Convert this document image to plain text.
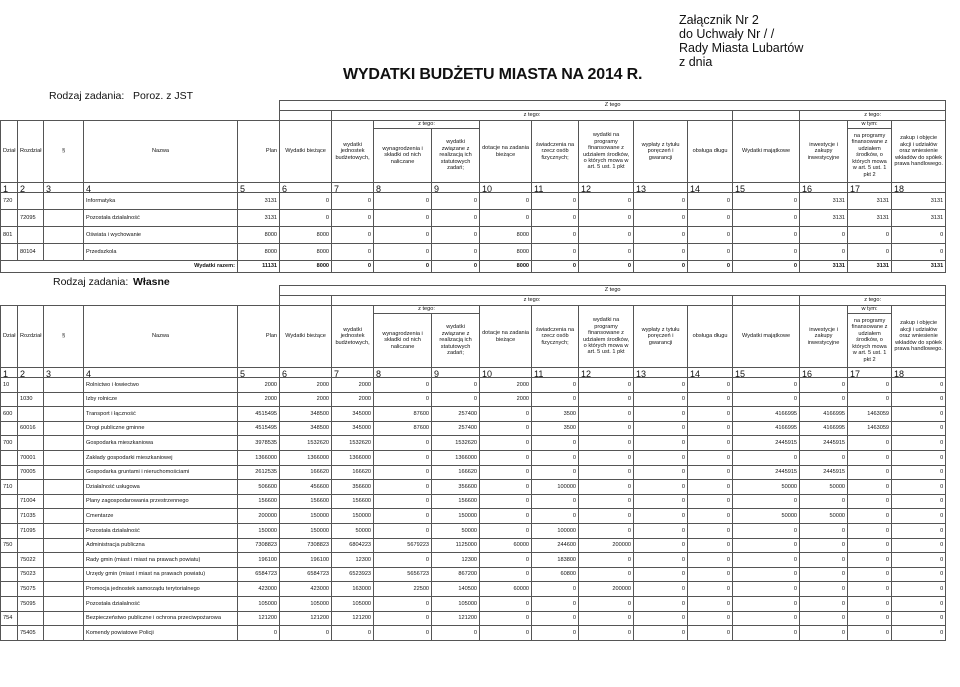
Załącznik Nr 2
do Uchwały Nr / /
Rady Miasta Lubartów
z dnia
WYDATKI BUDŻETU MIASTA NA 2014 R.
Rodzaj zadania: Poroz. z JST
					Z tego												
						z tego:									z tego:		
Dział	Rozdział	§	Nazwa	Plan	Wydatki bieżące	wydatki jednostek budżetowych,	z tego:		dotacje na zadania bieżące	świadczenia na rzecz osób fizycznych;	wydatki na programy finansowane z udziałem środków, o których mowa w art. 5 ust. 1 pkt	wypłaty z tytułu poręczeń i gwarancji	obsługa długu	Wydatki majątkowe	inwestycje i zakupy inwestycyjne	w tym:	zakup i objęcie akcji i udziałów oraz wniesienie wkładów do spółek prawa handlowego.
							wynagrodzenia i składki od nich naliczane	wydatki związane z realizacją ich statutowych zadań;								na programy finansowane z udziałem środków, o których mowa w art. 5 ust. 1 pkt 2	
1	2	3	4	5	6	7	8	9	10	11	12	13	14	15	16	17	18
720			Informatyka	3131	0	0	0	0	0	0	0	0	0	0	3131	3131	3131
	72095		Pozostała działalność	3131	0	0	0	0	0	0	0	0	0	0	3131	3131	3131
801			Oświata i wychowanie	8000	8000	0	0	0	8000	0	0	0	0	0	0	0	0
	80104		Przedszkola	8000	8000	0	0	0	8000	0	0	0	0	0	0	0	0
Wydatki razem:				11131	8000	0	0	0	8000	0	0	0	0	0	3131	3131	3131
Rodzaj zadania: Własne
					Z tego												
						z tego:									z tego:		
Dział	Rozdział	§	Nazwa	Plan	Wydatki bieżące	wydatki jednostek budżetowych,	z tego:		dotacje na zadania bieżące	świadczenia na rzecz osób fizycznych;	wydatki na programy finansowane z udziałem środków, o których mowa w art. 5 ust. 1 pkt	wypłaty z tytułu poręczeń i gwarancji	obsługa długu	Wydatki majątkowe	inwestycje i zakupy inwestycyjne	w tym:	zakup i objęcie akcji i udziałów oraz wniesienie wkładów do spółek prawa handlowego.
							wynagrodzenia i składki od nich naliczane	wydatki związane z realizacją ich statutowych zadań;								na programy finansowane z udziałem środków, o których mowa w art. 5 ust. 1 pkt 2	
1	2	3	4	5	6	7	8	9	10	11	12	13	14	15	16	17	18
10			Rolnictwo i łowiectwo	2000	2000	2000	0	0	2000	0	0	0	0	0	0	0	0
	1030		Izby rolnicze	2000	2000	2000	0	0	2000	0	0	0	0	0	0	0	0
600			Transport i łączność	4515495	348500	345000	87600	257400	0	3500	0	0	0	4166995	4166995	1463059	0
	60016		Drogi publiczne gminne	4515495	348500	345000	87600	257400	0	3500	0	0	0	4166995	4166995	1463059	0
700			Gospodarka mieszkaniowa	3978535	1532620	1532620	0	1532620	0	0	0	0	0	2445915	2445915	0	0
	70001		Zakłady gospodarki mieszkaniowej	1366000	1366000	1366000	0	1366000	0	0	0	0	0	0	0	0	0
	70005		Gospodarka gruntami i nieruchomościami	2612535	166620	166620	0	166620	0	0	0	0	0	2445915	2445915	0	0
710			Działalność usługowa	506600	456600	356600	0	356600	0	100000	0	0	0	50000	50000	0	0
	71004		Plany zagospodarowania przestrzennego	156600	156600	156600	0	156600	0	0	0	0	0	0	0	0	0
	71035		Cmentarze	200000	150000	150000	0	150000	0	0	0	0	0	50000	50000	0	0
	71095		Pozostała działalność	150000	150000	50000	0	50000	0	100000	0	0	0	0	0	0	0
750			Administracja publiczna	7308823	7308823	6804223	5679223	1125000	60000	244600	200000	0	0	0	0	0	0
	75022		Rady gmin (miast i miast na prawach powiatu)	196100	196100	12300	0	12300	0	183800	0	0	0	0	0	0	0
	75023		Urzędy gmin (miast i miast na prawach powiatu)	6584723	6584723	6523923	5656723	867200	0	60800	0	0	0	0	0	0	0
	75075		Promocja jednostek samorządu terytorialnego	423000	423000	163000	22500	140500	60000	0	200000	0	0	0	0	0	0
	75095		Pozostała działalność	105000	105000	105000	0	105000	0	0	0	0	0	0	0	0	0
754			Bezpieczeństwo publiczne i ochrona przeciwpożarowa	121200	121200	121200	0	121200	0	0	0	0	0	0	0	0	0
	75405		Komendy powiatowe Policji	0	0	0	0	0	0	0	0	0	0	0	0	0	0
